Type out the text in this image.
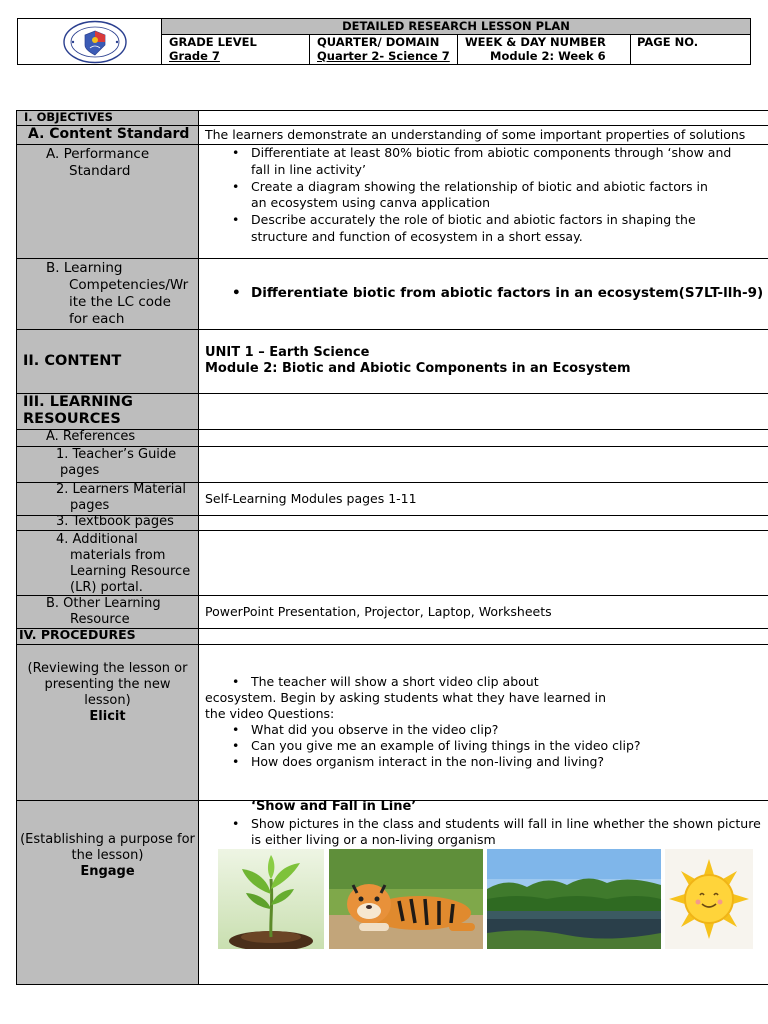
DETAILED RESEARCH LESSON PLAN
GRADE LEVEL
Grade 7
QUARTER/ DOMAIN
Quarter 2- Science 7
WEEK & DAY NUMBER
Module 2: Week 6
PAGE NO.
I. OBJECTIVES
A. Content Standard The learners demonstrate an understanding of some important properties of solutions
A. Performance
Standard
• Differentiate at least 80% biotic from abiotic components through ‘show and
fall in line activity’
• Create a diagram showing the relationship of biotic and abiotic factors in
an ecosystem using canva application
• Describe accurately the role of biotic and abiotic factors in shaping the
structure and function of ecosystem in a short essay.
B. Learning
Competencies/Wr
ite the LC code
for each
• Differentiate biotic from abiotic factors in an ecosystem(S7LT-llh-9)
II. CONTENT
UNIT 1 – Earth Science
Module 2: Biotic and Abiotic Components in an Ecosystem
III. LEARNING
RESOURCES
A. References
1. Teacher’s Guide
pages
2. Learners Material
pages	Self-Learning Modules pages 1-11
3. Textbook pages
4. Additional
materials from
Learning Resource
(LR) portal.
B. Other Learning
Resource
PowerPoint Presentation, Projector, Laptop, Worksheets
IV. PROCEDURES
(Reviewing the lesson or
presenting the new
lesson)
Elicit
• The teacher will show a short video clip about
ecosystem. Begin by asking students what they have learned in
the video Questions:
• What did you observe in the video clip?
• Can you give me an example of living things in the video clip?
• How does organism interact in the non-living and living?
(Establishing a purpose for
the lesson)
Engage
‘Show and Fall in Line’
• Show pictures in the class and students will fall in line whether the shown picture
is either living or a non-living organism
